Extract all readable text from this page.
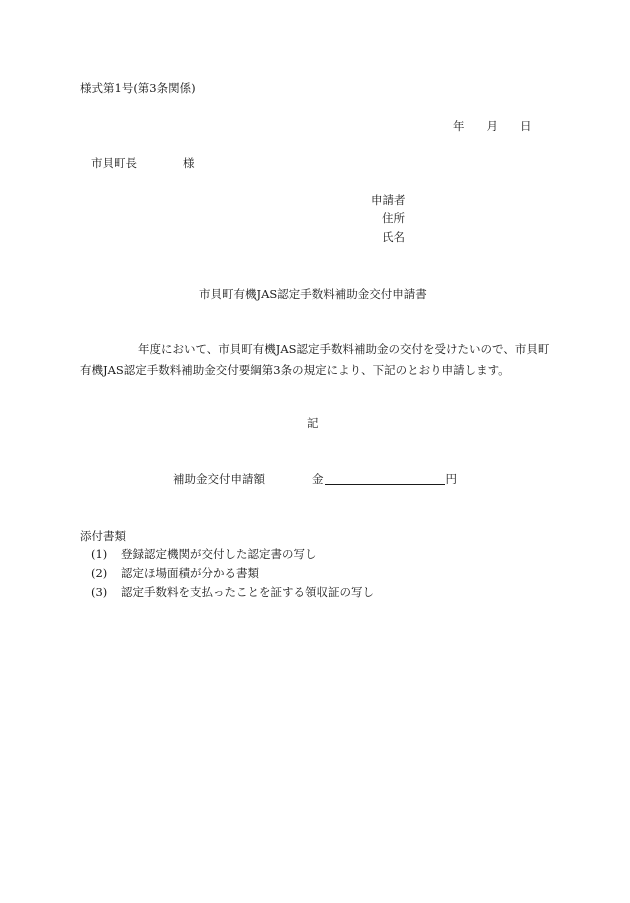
様式第1号(第3条関係)
年 月 日
市貝町長	様
申請者
住所
氏名
市貝町有機JAS認定手数料補助金交付申請書
年度において、市貝町有機JAS認定手数料補助金の交付を受けたいので、市貝町有機JAS認定手数料補助金交付要綱第3条の規定により、下記のとおり申請します。
記
補助金交付申請額	金	円
添付書類
(1) 登録認定機関が交付した認定書の写し
(2) 認定ほ場面積が分かる書類
(3) 認定手数料を支払ったことを証する領収証の写し
